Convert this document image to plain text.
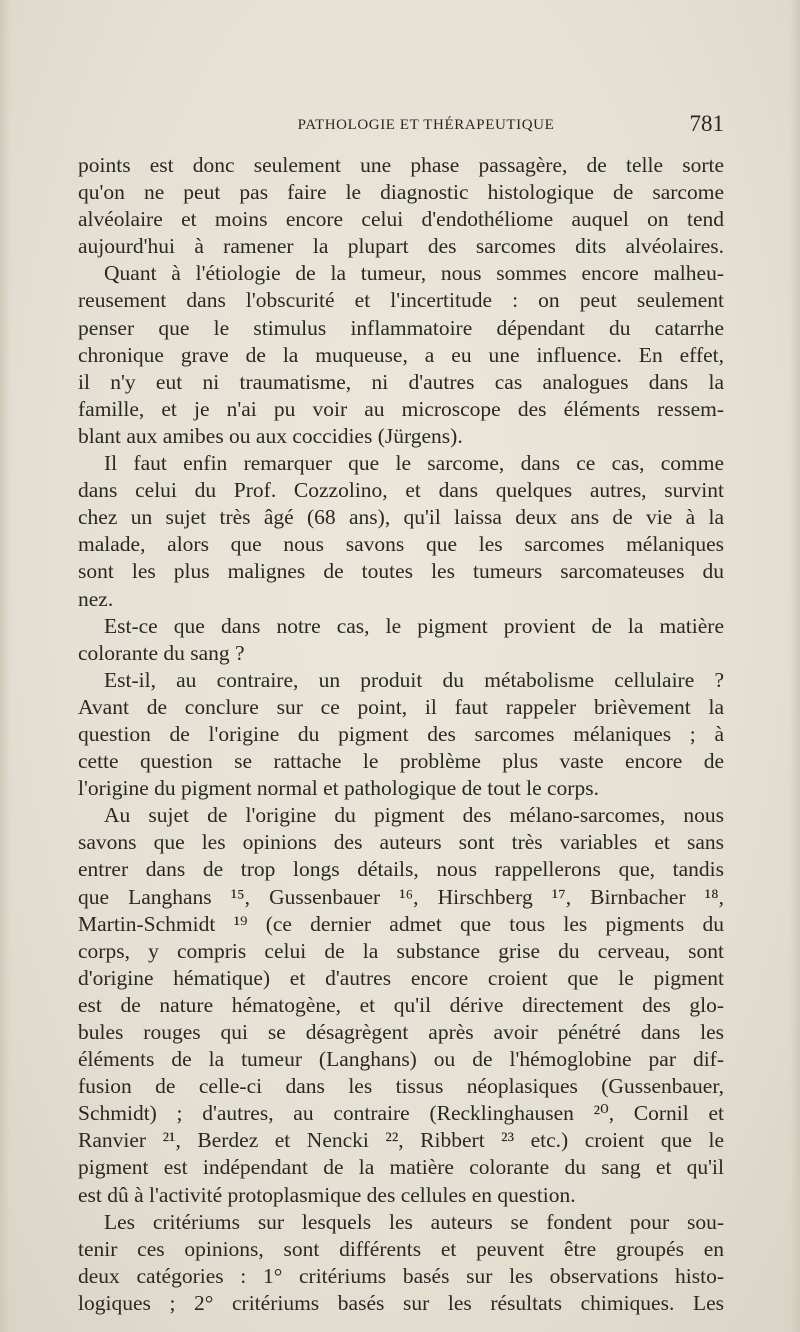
PATHOLOGIE ET THÉRAPEUTIQUE	781
points est donc seulement une phase passagère, de telle sorte
qu'on ne peut pas faire le diagnostic histologique de sarcome
alvéolaire et moins encore celui d'endothéliome auquel on tend
aujourd'hui à ramener la plupart des sarcomes dits alvéolaires.
Quant à l'étiologie de la tumeur, nous sommes encore malheu-
reusement dans l'obscurité et l'incertitude : on peut seulement
penser que le stimulus inflammatoire dépendant du catarrhe
chronique grave de la muqueuse, a eu une influence. En effet,
il n'y eut ni traumatisme, ni d'autres cas analogues dans la
famille, et je n'ai pu voir au microscope des éléments ressem-
blant aux amibes ou aux coccidies (Jürgens).
Il faut enfin remarquer que le sarcome, dans ce cas, comme
dans celui du Prof. Cozzolino, et dans quelques autres, survint
chez un sujet très âgé (68 ans), qu'il laissa deux ans de vie à la
malade, alors que nous savons que les sarcomes mélaniques
sont les plus malignes de toutes les tumeurs sarcomateuses du
nez.
Est-ce que dans notre cas, le pigment provient de la matière
colorante du sang ?
Est-il, au contraire, un produit du métabolisme cellulaire ?
Avant de conclure sur ce point, il faut rappeler brièvement la
question de l'origine du pigment des sarcomes mélaniques ; à
cette question se rattache le problème plus vaste encore de
l'origine du pigment normal et pathologique de tout le corps.
Au sujet de l'origine du pigment des mélano-sarcomes, nous
savons que les opinions des auteurs sont très variables et sans
entrer dans de trop longs détails, nous rappellerons que, tandis
que Langhans ¹⁵, Gussenbauer ¹⁶, Hirschberg ¹⁷, Birnbacher ¹⁸,
Martin-Schmidt ¹⁹ (ce dernier admet que tous les pigments du
corps, y compris celui de la substance grise du cerveau, sont
d'origine hématique) et d'autres encore croient que le pigment
est de nature hématogène, et qu'il dérive directement des glo-
bules rouges qui se désagrègent après avoir pénétré dans les
éléments de la tumeur (Langhans) ou de l'hémoglobine par dif-
fusion de celle-ci dans les tissus néoplasiques (Gussenbauer,
Schmidt) ; d'autres, au contraire (Recklinghausen ²⁰, Cornil et
Ranvier ²¹, Berdez et Nencki ²², Ribbert ²³ etc.) croient que le
pigment est indépendant de la matière colorante du sang et qu'il
est dû à l'activité protoplasmique des cellules en question.
Les critériums sur lesquels les auteurs se fondent pour sou-
tenir ces opinions, sont différents et peuvent être groupés en
deux catégories : 1° critériums basés sur les observations histo-
logiques ; 2° critériums basés sur les résultats chimiques. Les
